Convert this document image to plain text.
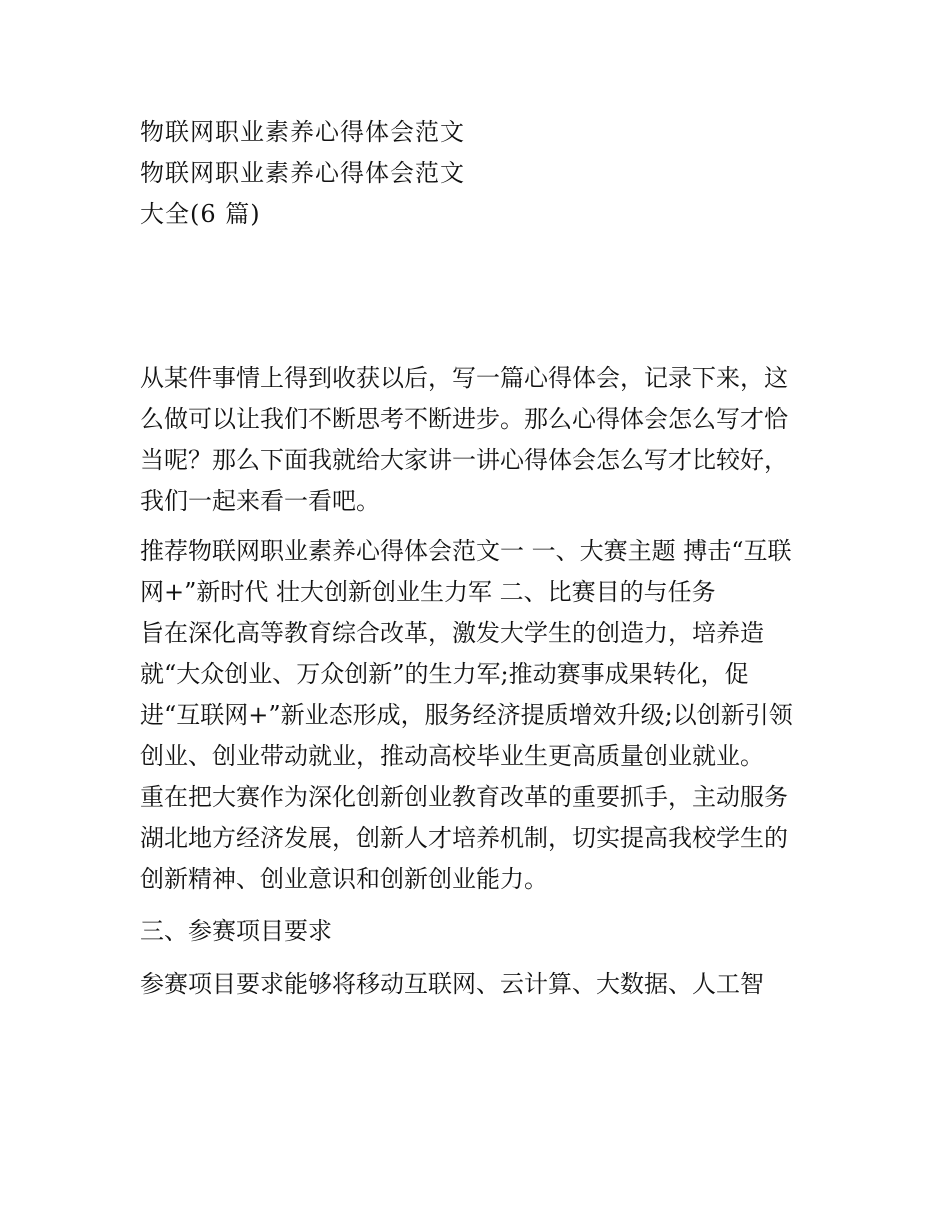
物联网职业素养心得体会范文
物联网职业素养心得体会范文
大全(6 篇)
从某件事情上得到收获以后，写一篇心得体会，记录下来，这
么做可以让我们不断思考不断进步。那么心得体会怎么写才恰
当呢？那么下面我就给大家讲一讲心得体会怎么写才比较好，
我们一起来看一看吧。
推荐物联网职业素养心得体会范文一 一、大赛主题 搏击“互联
网+”新时代 壮大创新创业生力军 二、比赛目的与任务
旨在深化高等教育综合改革，激发大学生的创造力，培养造
就“大众创业、万众创新”的生力军;推动赛事成果转化，促
进“互联网+”新业态形成，服务经济提质增效升级;以创新引领
创业、创业带动就业，推动高校毕业生更高质量创业就业。
重在把大赛作为深化创新创业教育改革的重要抓手，主动服务
湖北地方经济发展，创新人才培养机制，切实提高我校学生的
创新精神、创业意识和创新创业能力。
三、参赛项目要求
参赛项目要求能够将移动互联网、云计算、大数据、人工智
